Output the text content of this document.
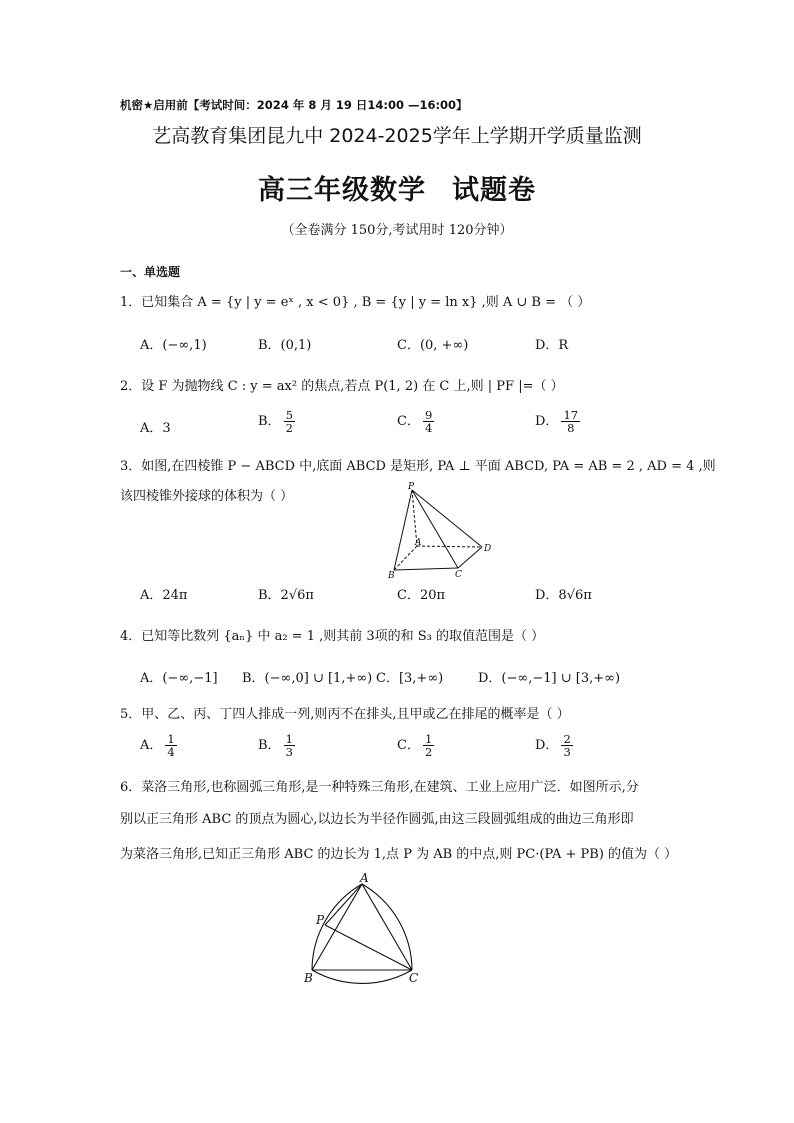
机密★启用前【考试时间：2024 年 8 月 19 日14:00 —16:00】
艺高教育集团昆九中 2024-2025学年上学期开学质量监测
高三年级数学 试题卷
（全卷满分 150分,考试用时 120分钟）
一、单选题
1．已知集合 A = {y | y = eˣ , x < 0} , B = {y | y = ln x} ,则 A ∪ B = （ ）
A．(−∞,1)	B．(0,1)	C．(0, +∞)	D．R
2．设 F 为抛物线 C : y = ax² 的焦点,若点 P(1, 2) 在 C 上,则 | PF |=（ ）
A．3	B． $\frac{5}{2}$	C． $\frac{9}{4}$	D． $\frac{17}{8}$
3．如图,在四棱锥 P − ABCD 中,底面 ABCD 是矩形, PA ⊥ 平面 ABCD, PA = AB = 2 , AD = 4 ,则
该四棱锥外接球的体积为（ ）
P
A
B	C
D
A．24π	B．2√6π	C．20π	D．8√6π
4．已知等比数列 {aₙ} 中 a₂ = 1 ,则其前 3项的和 S₃ 的取值范围是（ ）
A．(−∞,−1] B．(−∞,0] ∪ [1,+∞) C．[3,+∞)	D．(−∞,−1] ∪ [3,+∞)
5．甲、乙、丙、丁四人排成一列,则丙不在排头,且甲或乙在排尾的概率是（ ）
A． $\frac{1}{4}$	B． $\frac{1}{3}$	C． $\frac{1}{2}$	D． $\frac{2}{3}$
6．菜洛三角形,也称圆弧三角形,是一种特殊三角形,在建筑、工业上应用广泛．如图所示,分
别以正三角形 ABC 的顶点为圆心,以边长为半径作圆弧,由这三段圆弧组成的曲边三角形即
为菜洛三角形,已知正三角形 ABC 的边长为 1,点 P 为 AB 的中点,则 PC·(PA + PB) 的值为（ ）
A
P
B	C
